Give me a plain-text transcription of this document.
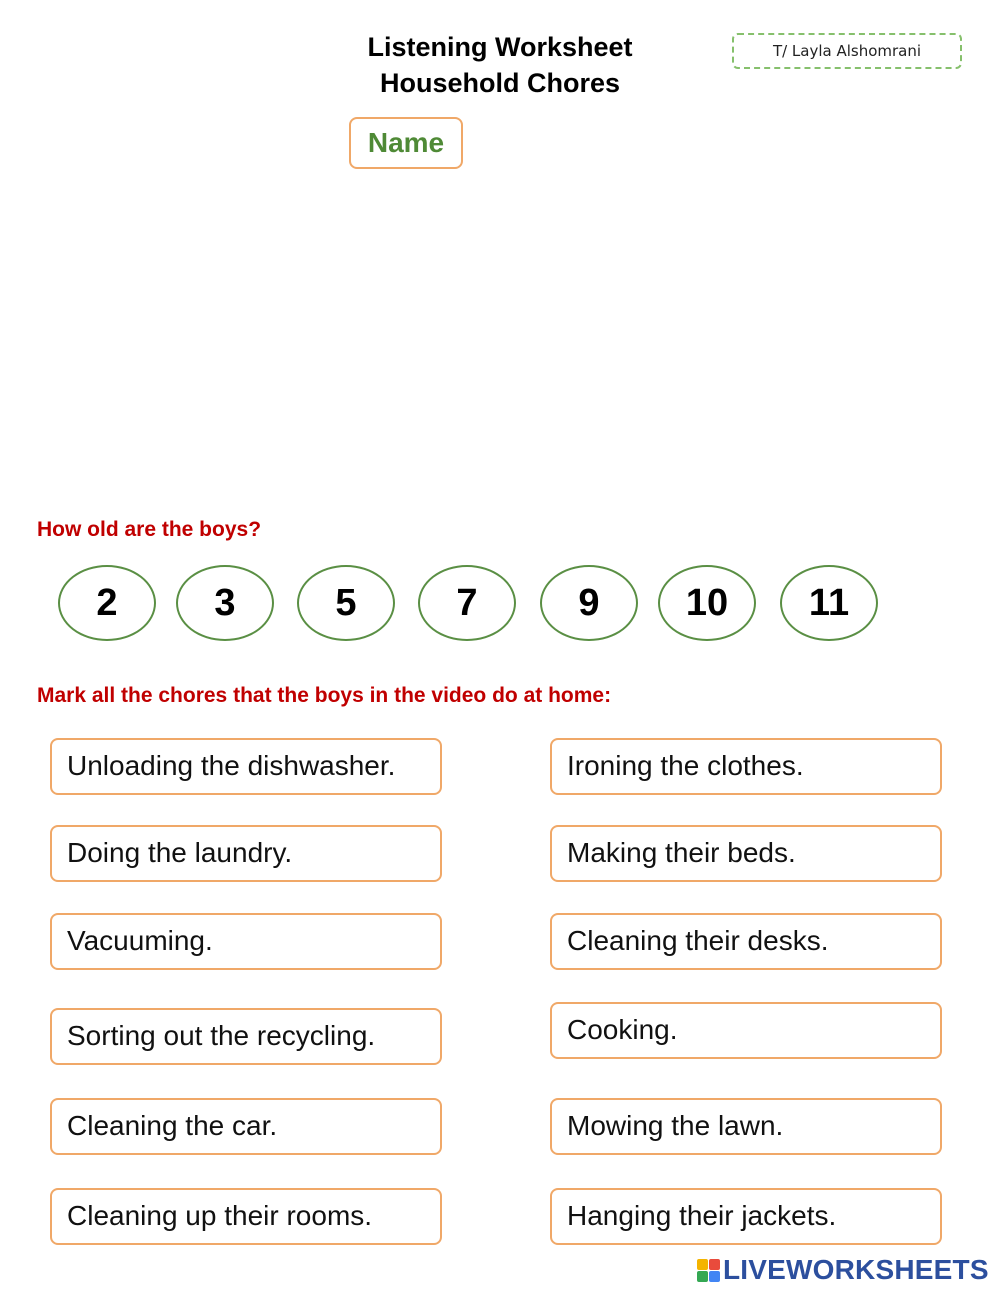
Listening Worksheet
Household Chores
T/ Layla Alshomrani
Name
How old are the boys?
2	3	5	7	9	10	11
Mark all the chores that the boys in the video do at home:
Unloading the dishwasher.
Doing the laundry.
Vacuuming.
Sorting out the recycling.
Cleaning the car.
Cleaning up their rooms.
Ironing the clothes.
Making their beds.
Cleaning their desks.
Cooking.
Mowing the lawn.
Hanging their jackets.
LIVEWORKSHEETS
